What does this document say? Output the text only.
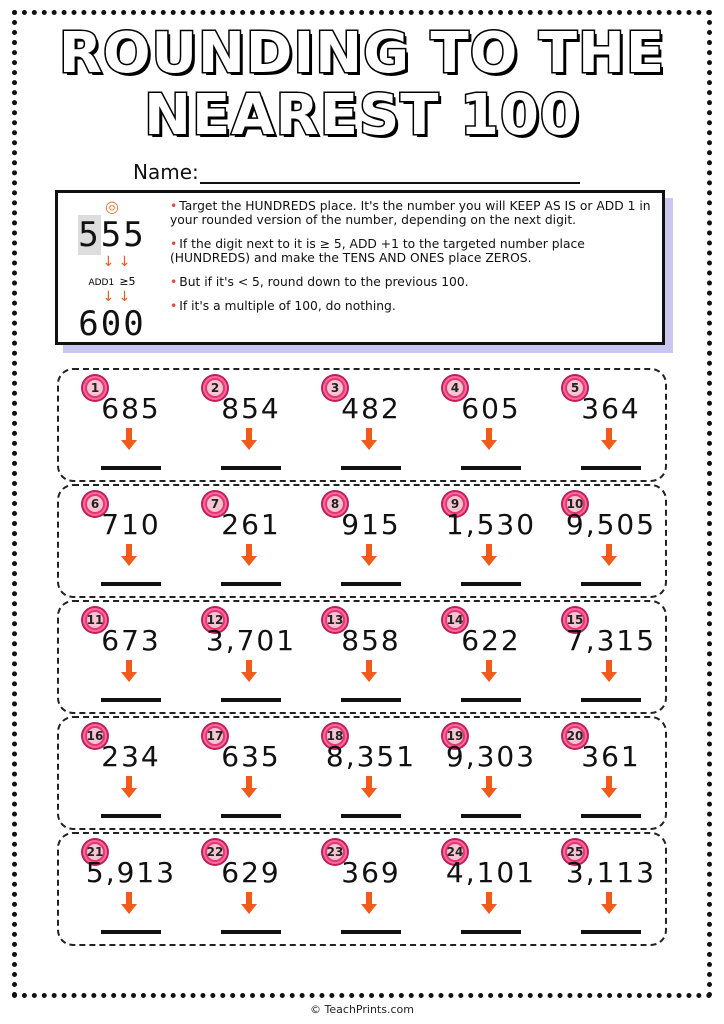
ROUNDING TO THE
NEAREST 100
Name:
◎
555
↓ ↓
ADD1 ≥5
↓ ↓
600

• Target the HUNDREDS place. It's the number you will KEEP AS IS or ADD 1 in your rounded version of the number, depending on the next digit.

• If the digit next to it is ≥ 5, ADD +1 to the targeted number place (HUNDREDS) and make the TENS AND ONES place ZEROS.

• But if it's < 5, round down to the previous 100.

• If it's a multiple of 100, do nothing.

1
685
2
854
3
482
4
605
5
364
6
710
7
261
8
915
9
1,530
10
9,505
11
673
12
3,701
13
858
14
622
15
7,315
16
234
17
635
18
8,351
19
9,303
20
361
21
5,913
22
629
23
369
24
4,101
25
3,113
© TeachPrints.com
